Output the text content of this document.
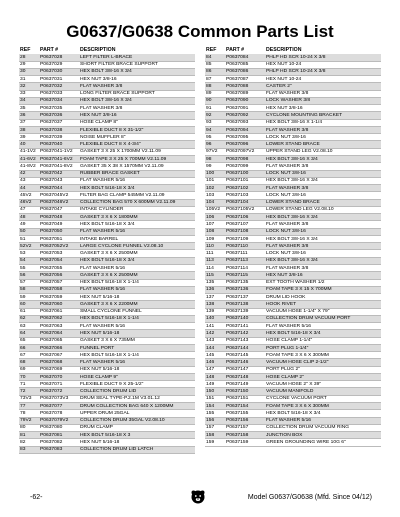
G0637/G0638 Common Parts List
REF	PART #	DESCRIPTION
28	P0637028	LEFT FILTER L-BRACE
29	P0637029	SHORT FILTER BRACE SUPPORT
30	P0637030	HEX BOLT 3/8-16 X 3/4
31	P0637031	HEX NUT 3/8-16
32	P0637032	FLAT WASHER 3/8
33	P0637033	LONG FILTER BRACE SUPPORT
34	P0637034	HEX BOLT 3/8-16 X 3/4
35	P0637035	FLAT WASHER 3/8
36	P0637036	HEX NUT 3/8-16
37	P0637037	HOSE CLAMP 8"
38	P0637038	FLEXIBLE DUCT 8 X 31-1/2"
39	P0637039	NOISE MUFFLER 8"
40	P0637040	FLEXIBLE DUCT 8 X 4-3/4"
41-1V2 P0637041-1V2	GASKET 3 X 25 X 1700MM V2.11.09
41-6V2 P0637041-6V2	FOAM TAPE 3 X 25 X 700MM V2.11.09
41-8V2 P0637041-8V2	GASKET 35 X 38 X 1570MM V2.11.09
42	P0637042	RUBBER BRACE GASKET
43	P0637043	FLAT WASHER 5/16
44	P0637044	HEX BOLT 5/16-18 X 3/4
45V2	P0637045V2	FILTER BAG CLAMP 545MM V2.11.09
46V2	P0637046V2	COLLECTION BAG 570 X 600MM V2.11.09
47	P0637047	INTAKE CYLINDER
48	P0637048	GASKET 3 X 6 X 1800MM
49	P0637049	HEX BOLT 5/16-18 X 3/4
50	P0637050	FLAT WASHER 5/16
51	P0637051	INTAKE BARREL
52V2	P0637052V2	LARGE CYCLONE FUNNEL V2.08.10
53	P0637053	GASKET 3 X 6 X 2500MM
54	P0637054	HEX BOLT 5/16-18 X 3/4
55	P0637055	FLAT WASHER 5/16
56	P0637056	GASKET 3 X 6 X 2500MM
57	P0637057	HEX BOLT 5/16-18 X 1-1/4
58	P0637058	FLAT WASHER 5/16
59	P0637059	HEX NUT 5/16-18
60	P0637060	GASKET 3 X 6 X 2200MM
61	P0637061	SMALL CYCLONE FUNNEL
62	P0637062	HEX BOLT 5/16-18 X 1-1/4
63	P0637063	FLAT WASHER 5/16
64	P0637064	HEX NUT 5/16-18
65	P0637065	GASKET 3 X 6 X 735MM
66	P0637066	FUNNEL PORT
67	P0637067	HEX BOLT 5/16-18 X 1-1/4
68	P0637068	FLAT WASHER 5/16
69	P0637069	HEX NUT 5/16-18
70	P0637070	HOSE CLAMP 9"
71	P0637071	FLEXIBLE DUCT 9 X 25-1/2"
72	P0637072	COLLECTION DRUM LID
73V3	P0637073V3	DRUM SEAL TYPE-P.2.1M V3.01.12
77	P0637077	DRUM COLLECTION BAG 640 X 1200MM
78	P0637078	UPPER DRUM 25GAL
79V2	P0637079V2	COLLECTION DRUM 35GAL V2.08.10
80	P0637080	DRUM CLAMP
81	P0637081	HEX BOLT 5/16-18 X 3
82	P0637082	HEX NUT 5/16-18
83	P0637083	COLLECTION DRUM LID LATCH
REF	PART #	DESCRIPTION
84	P0637084	PHLP HD SCR 10-24 X 3/8
85	P0637085	HEX NUT 10-24
86	P0637086	PHLP HD SCR 10-24 X 3/8
87	P0637087	HEX NUT 10-24
88	P0637088	CASTER 2"
89	P0637089	FLAT WASHER 3/8
90	P0637090	LOCK WASHER 3/8
91	P0637091	HEX NUT 3/8-16
92	P0637092	CYCLONE MOUNTING BRACKET
93	P0637093	HEX BOLT 3/8-16 X 1-1/4
94	P0637094	FLAT WASHER 3/8
95	P0637095	LOCK NUT 3/8-16
96	P0637096	LOWER STAND BRACE
97V2	P0637097V2	UPPER STAND LEG V2.08.10
98	P0637098	HEX BOLT 3/8-16 X 3/4
99	P0637099	FLAT WASHER 3/8
100	P0637100	LOCK NUT 3/8-16
101	P0637101	HEX BOLT 3/8-16 X 3/4
102	P0637102	FLAT WASHER 3/8
103	P0637103	LOCK NUT 3/8-16
104	P0637104	LOWER STAND BRACE
105V2	P0637105V2	LOWER STAND LEG V2.08.10
106	P0637106	HEX BOLT 3/8-16 X 3/4
107	P0637107	FLAT WASHER 3/8
108	P0637108	LOCK NUT 3/8-16
109	P0637109	HEX BOLT 3/8-16 X 3/4
110	P0637110	FLAT WASHER 3/8
111	P0637111	LOCK NUT 3/8-16
113	P0637113	HEX BOLT 3/8-16 X 3/4
114	P0637114	FLAT WASHER 3/8
115	P0637115	HEX NUT 3/8-16
135	P0637135	EXT TOOTH WASHER 1/2
136	P0637136	FOAM TAPE 3 X 15 X 700MM
137	P0637137	DRUM LID HOOK
138	P0637138	HOOK RIVET
139	P0637139	VACUUM HOSE 1-1/4" X 79"
140	P0637140	COLLECTION DRUM VACUUM PORT
141	P0637141	FLAT WASHER 5/16
142	P0637142	HEX BOLT 5/16-18 X 3/4
143	P0637143	HOSE CLAMP 1-1/4"
144	P0637144	PORT PLUG 1-1/4"
145	P0637145	FOAM TAPE 3 X 6 X 300MM
146	P0637146	VACUUM HOSE CLIP 2-1/2"
147	P0637147	PORT PLUG 2"
148	P0637148	HOSE CLAMP 2"
149	P0637149	VACUUM HOSE 2" X 39"
150	P0637150	VACUUM MANIFOLD
151	P0637151	CYCLONE VACUUM PORT
154	P0637154	FOAM TAPE 3 X 6 X 300MM
155	P0637155	HEX BOLT 5/16-18 X 3/4
156	P0637156	FLAT WASHER 5/16
157	P0637157	COLLECTION DRUM VACUUM RING
158	P0637158	JUNCTION BOX
159	P0637159	GREEN GROUNDING WIRE 10G 6"
-62-	Model G0637/G0638 (Mfd. Since 04/12)
